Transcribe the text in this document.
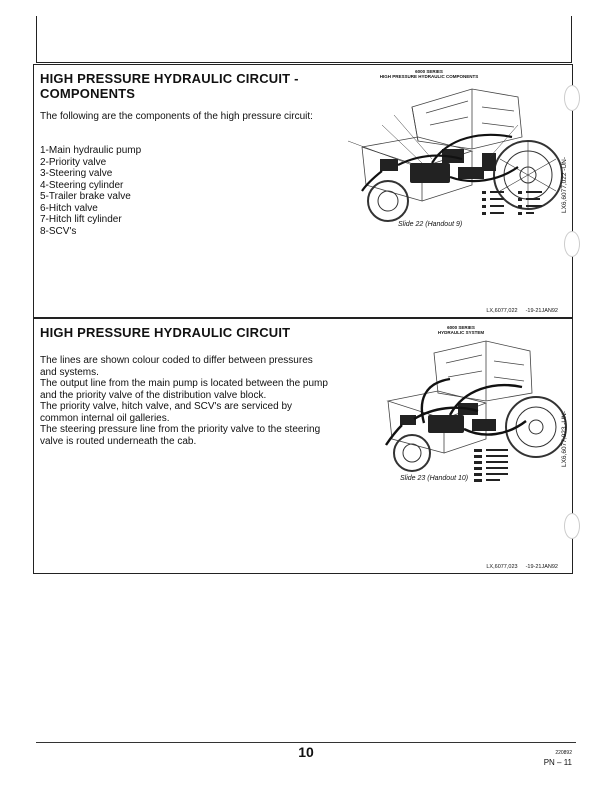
HIGH PRESSURE HYDRAULIC CIRCUIT - COMPONENTS
The following are the components of the high pressure circuit:
1-Main hydraulic pump
2-Priority valve
3-Steering valve
4-Steering cylinder
5-Trailer brake valve
6-Hitch valve
7-Hitch lift cylinder
8-SCV's
6000 SERIES
HIGH PRESSURE HYDRAULIC COMPONENTS
Slide 22 (Handout 9)
LX6,6077,022 -UN-
LX,6077,022 -19-21JAN92
HIGH PRESSURE HYDRAULIC CIRCUIT

The lines are shown colour coded to differ between pressures and systems.

The output line from the main pump is located between the pump and the priority valve of the distribution valve block.

The priority valve, hitch valve, and SCV's are serviced by common internal oil galleries.

The steering pressure line from the priority valve to the steering valve is routed underneath the cab.

6000 SERIES
HYDRAULIC SYSTEM
Slide 23 (Handout 10)
LX6,6077,023 -UN-
LX,6077,023 -19-21JAN92
10	220892
PN – 11
